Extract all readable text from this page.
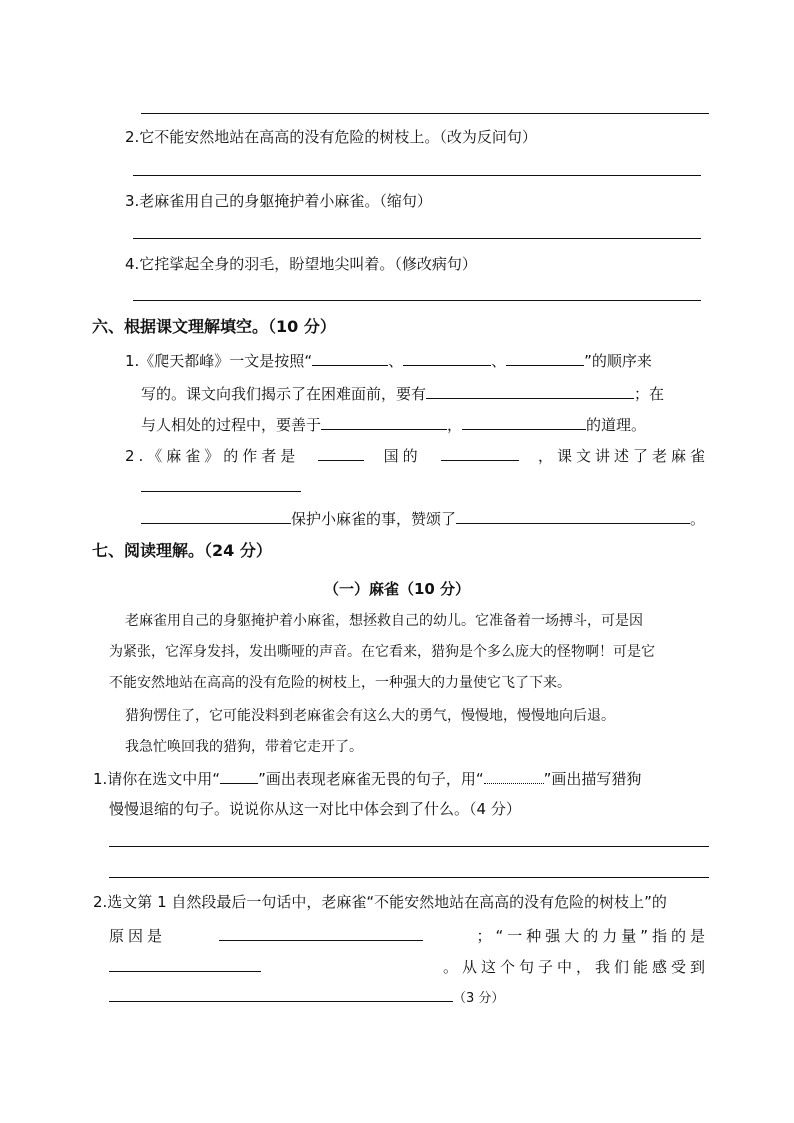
2.它不能安然地站在高高的没有危险的树枝上。（改为反问句）
3.老麻雀用自己的身躯掩护着小麻雀。（缩句）
4.它挓挲起全身的羽毛，盼望地尖叫着。（修改病句）
六、根据课文理解填空。（10 分）
1.《爬天都峰》一文是按照“	、	、	”的顺序来
写的。课文向我们揭示了在困难面前，要有	；在
与人相处的过程中，要善于	，	的道理。
2.《麻雀》的作者是	国的	，课文讲述了老麻雀
保护小麻雀的事，赞颂了	。
七、阅读理解。（24 分）
（一）麻雀（10 分）
老麻雀用自己的身躯掩护着小麻雀，想拯救自己的幼儿。它准备着一场搏斗，可是因
为紧张，它浑身发抖，发出嘶哑的声音。在它看来，猎狗是个多么庞大的怪物啊！可是它
不能安然地站在高高的没有危险的树枝上，一种强大的力量使它飞了下来。
猎狗愣住了，它可能没料到老麻雀会有这么大的勇气，慢慢地，慢慢地向后退。
我急忙唤回我的猎狗，带着它走开了。
1.请你在选文中用“	”画出表现老麻雀无畏的句子，用“	”画出描写猎狗
慢慢退缩的句子。说说你从这一对比中体会到了什么。（4 分）
2.选文第 1 自然段最后一句话中，老麻雀“不能安然地站在高高的没有危险的树枝上”的
原因是	；“一种强大的力量”指的是
。从这个句子中，我们能感受到
（3 分）
